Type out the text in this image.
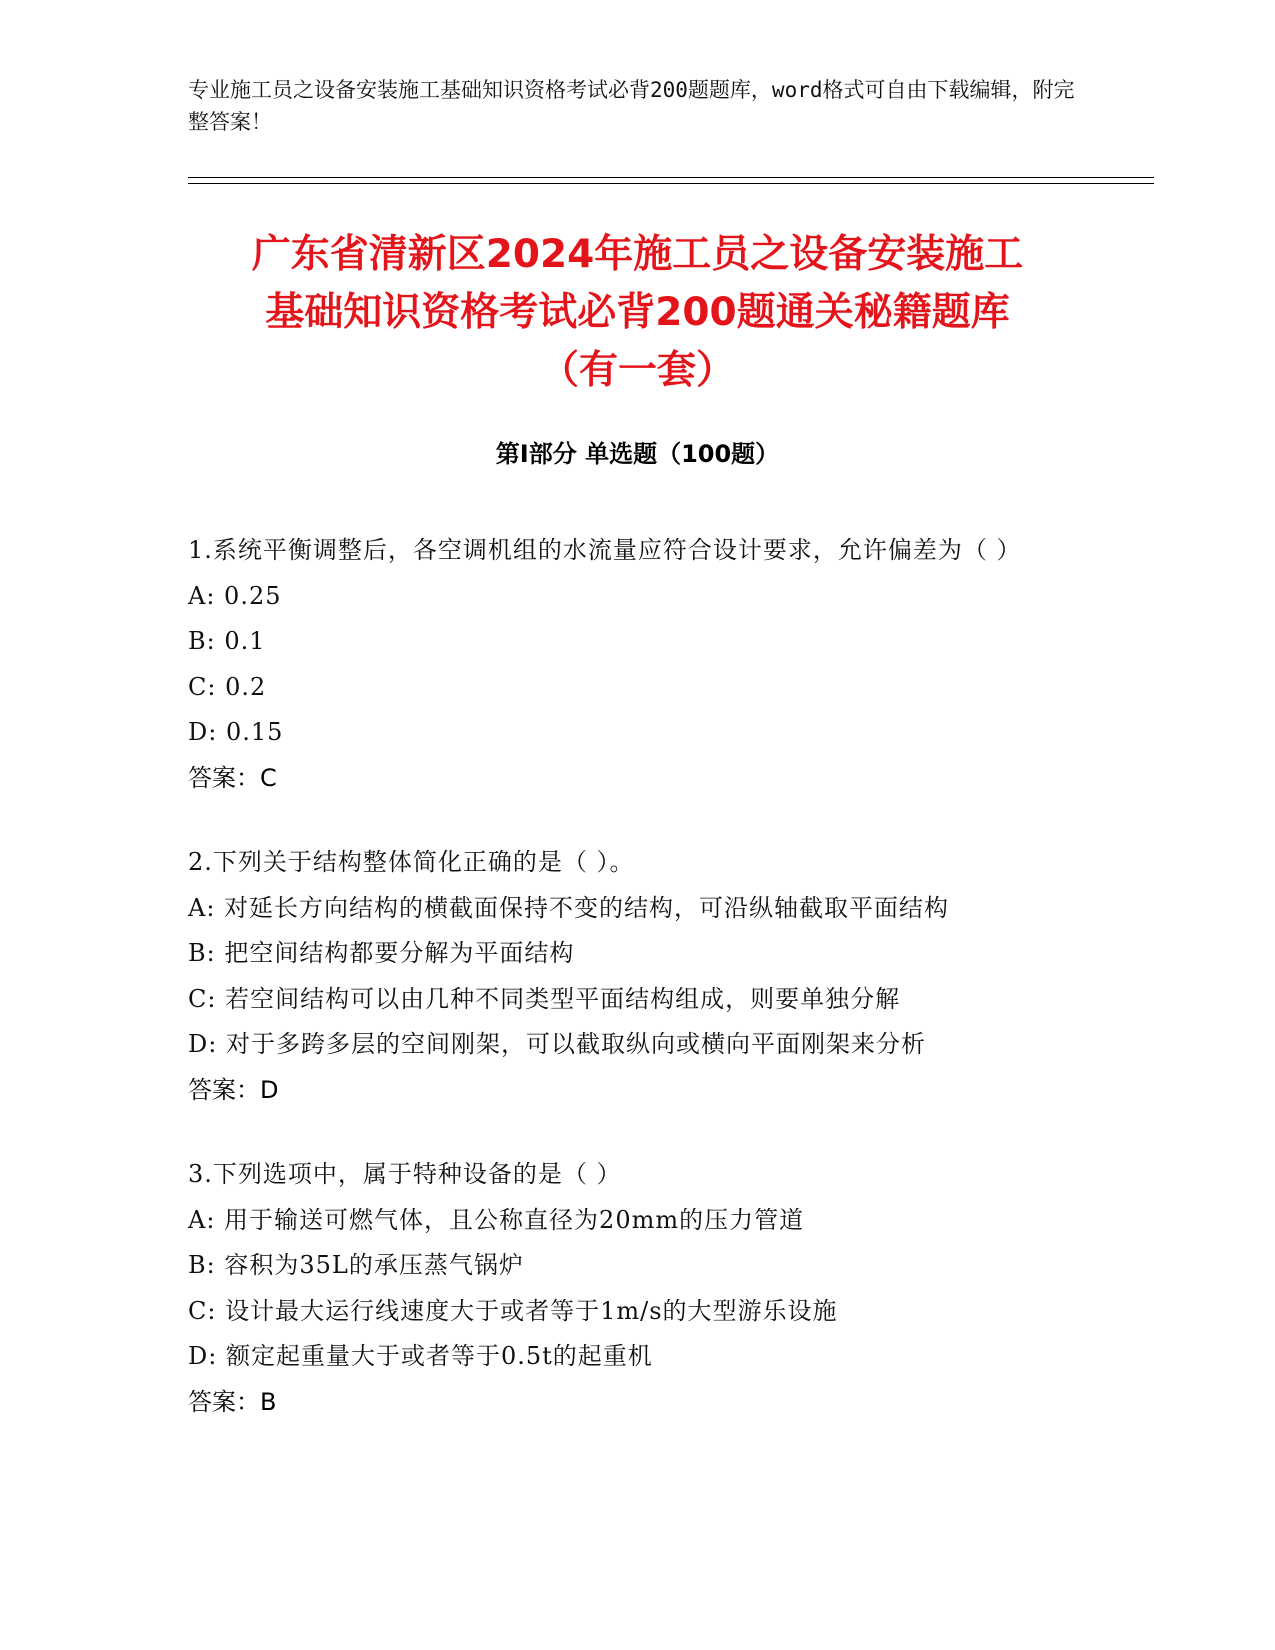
专业施工员之设备安装施工基础知识资格考试必背200题题库，word格式可自由下载编辑，附完整答案！
广东省清新区2024年施工员之设备安装施工
基础知识资格考试必背200题通关秘籍题库
（有一套）
第Ⅰ部分 单选题（100题）
1.系统平衡调整后，各空调机组的水流量应符合设计要求，允许偏差为（ ）
A: 0.25
B: 0.1
C: 0.2
D: 0.15
答案：C
2.下列关于结构整体简化正确的是（ ）。
A: 对延长方向结构的横截面保持不变的结构，可沿纵轴截取平面结构
B: 把空间结构都要分解为平面结构
C: 若空间结构可以由几种不同类型平面结构组成，则要单独分解
D: 对于多跨多层的空间刚架，可以截取纵向或横向平面刚架来分析
答案：D
3.下列选项中，属于特种设备的是（ ）
A: 用于输送可燃气体，且公称直径为20mm的压力管道
B: 容积为35L的承压蒸气锅炉
C: 设计最大运行线速度大于或者等于1m/s的大型游乐设施
D: 额定起重量大于或者等于0.5t的起重机
答案：B
